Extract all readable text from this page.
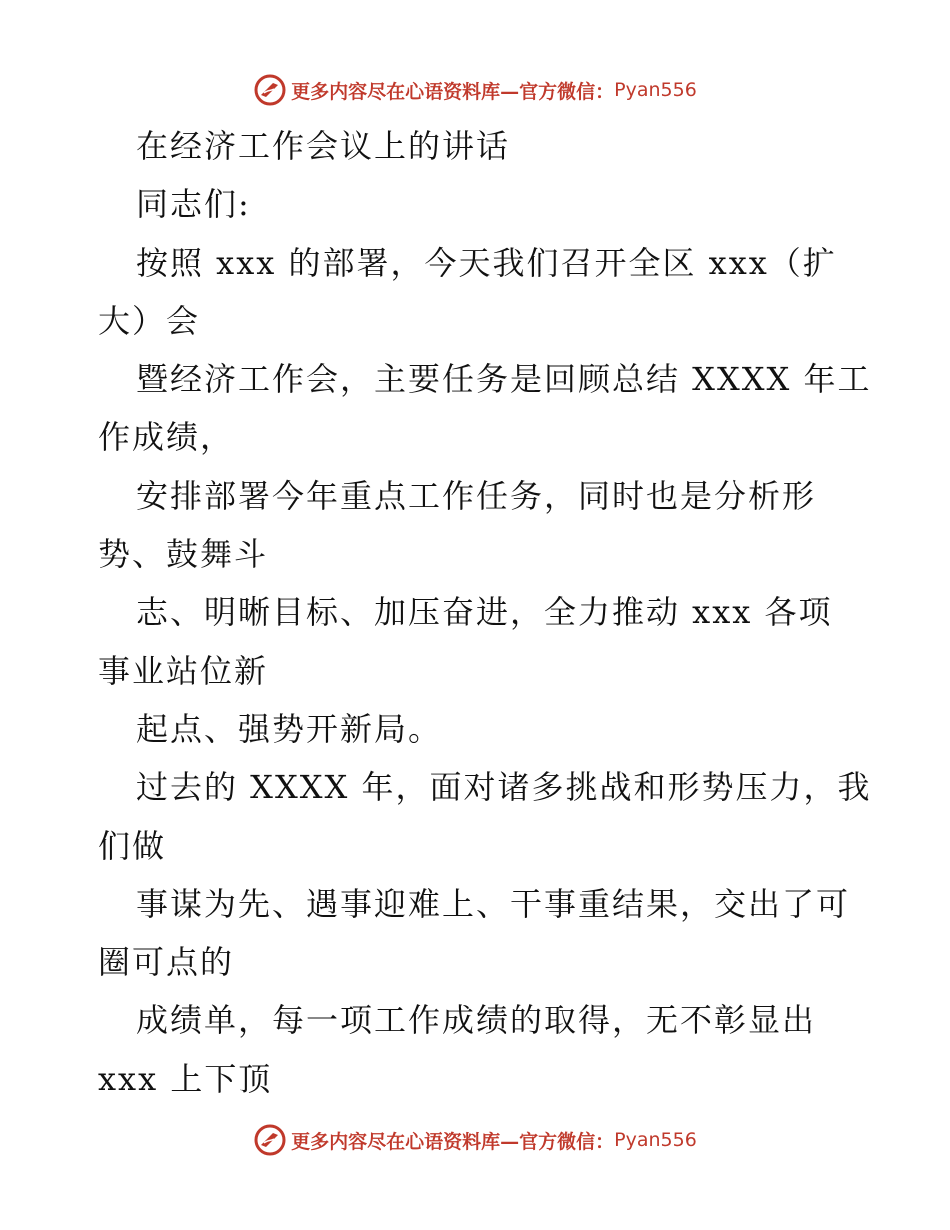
更多内容尽在心语资料库—官方微信： Pyan556
在经济工作会议上的讲话
同志们:
按照 xxx 的部署，今天我们召开全区 xxx（扩
大）会
暨经济工作会，主要任务是回顾总结 XXXX 年工
作成绩，
安排部署今年重点工作任务，同时也是分析形
势、鼓舞斗
志、明晰目标、加压奋进，全力推动 xxx 各项
事业站位新
起点、强势开新局。
过去的 XXXX 年，面对诸多挑战和形势压力，我
们做
事谋为先、遇事迎难上、干事重结果，交出了可
圈可点的
成绩单，每一项工作成绩的取得，无不彰显出
xxx 上下顶
更多内容尽在心语资料库—官方微信： Pyan556
